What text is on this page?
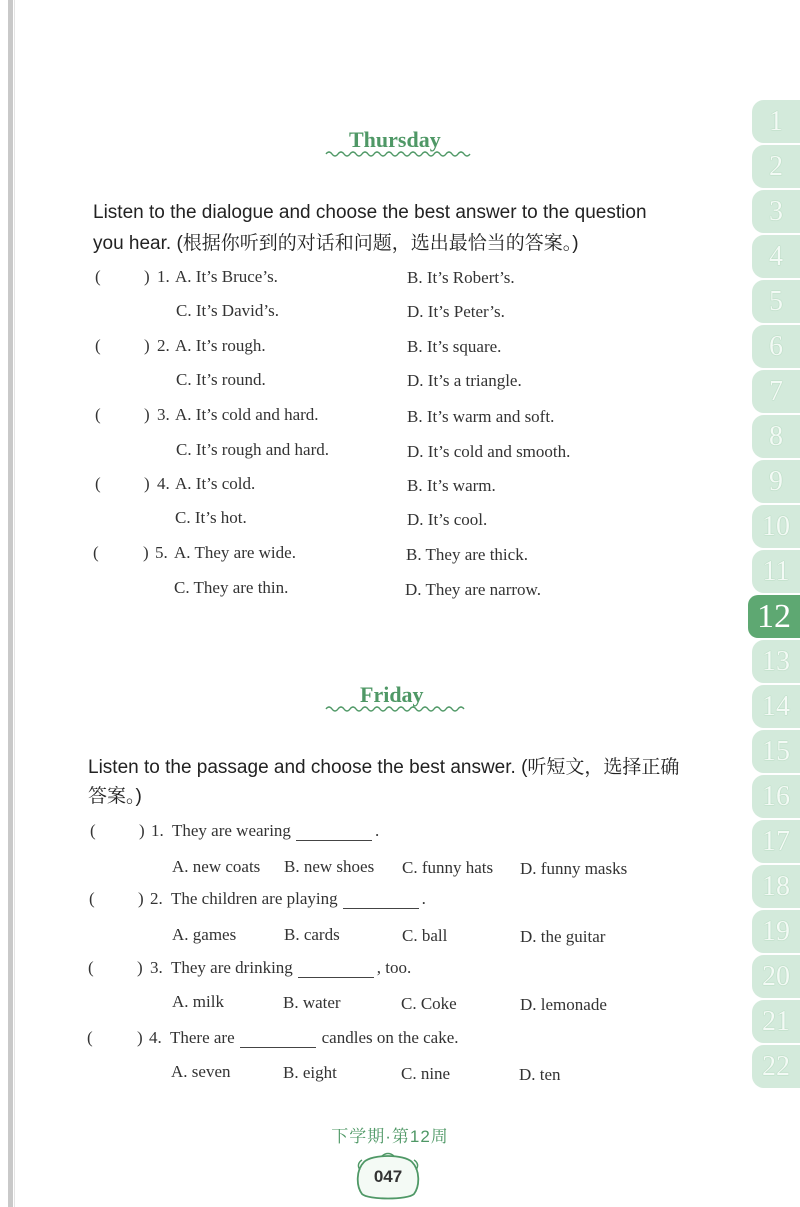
Thursday
Listen to the dialogue and choose the best answer to the question
you hear. (根据你听到的对话和问题，选出最恰当的答案。)
(	) 1. A. It’s Bruce’s.	B. It’s Robert’s.
C. It’s David’s.	D. It’s Peter’s.
(	) 2. A. It’s rough.	B. It’s square.
C. It’s round.	D. It’s a triangle.
(	) 3. A. It’s cold and hard.	B. It’s warm and soft.
C. It’s rough and hard.	D. It’s cold and smooth.
(	) 4. A. It’s cold.	B. It’s warm.
C. It’s hot.	D. It’s cool.
(	) 5. A. They are wide.	B. They are thick.
C. They are thin.	D. They are narrow.
Friday
Listen to the passage and choose the best answer. (听短文，选择正确
答案。)
(	) 1. They are wearing	.
A. new coats B. new shoes C. funny hats D. funny masks
(	) 2. The children are playing	.
A. games	B. cards	C. ball	D. the guitar
(	) 3. They are drinking	, too.
A. milk	B. water	C. Coke	D. lemonade
(	) 4. There are	candles on the cake.
A. seven	B. eight	C. nine	D. ten
1
2
3
4
5
6
7
8
9
10
11
12
13
14
15
16
17
18
19
20
21
22
下学期·第12周
047
